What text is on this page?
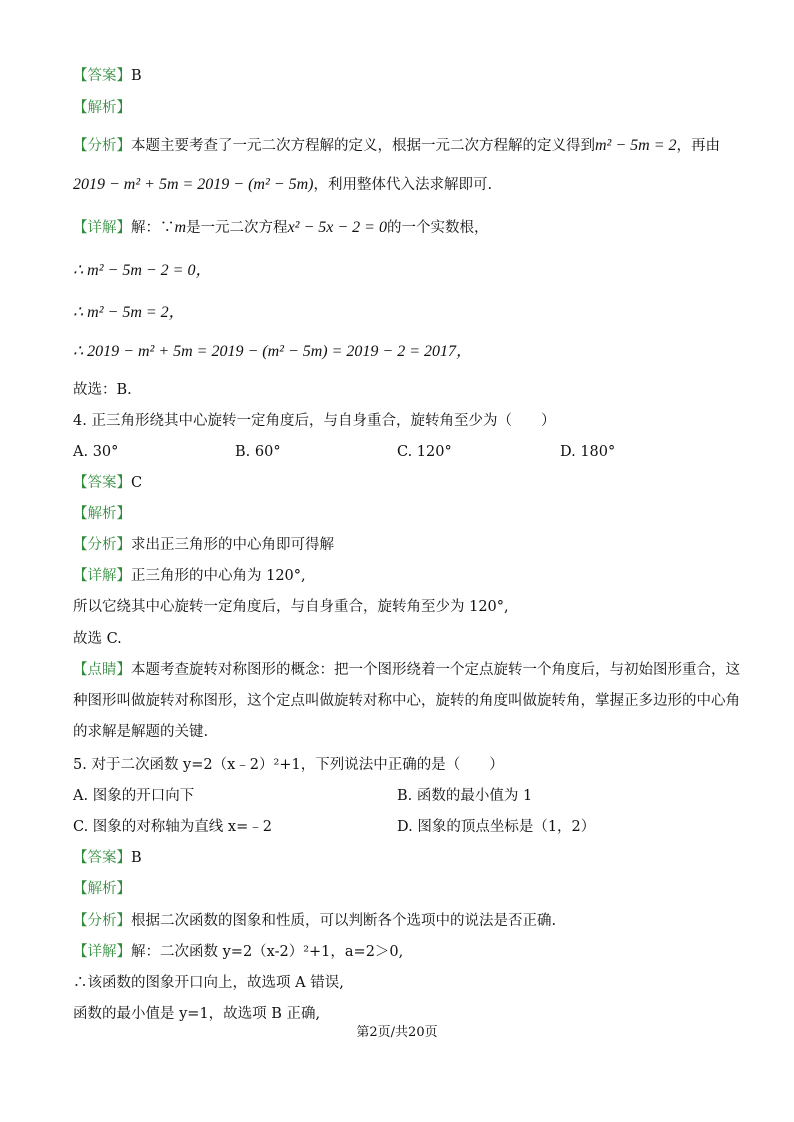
【答案】B
【解析】
【分析】本题主要考查了一元二次方程解的定义，根据一元二次方程解的定义得到m² − 5m = 2，再由
2019 − m² + 5m = 2019 − (m² − 5m)，利用整体代入法求解即可.
【详解】解：∵m是一元二次方程x² − 5x − 2 = 0的一个实数根，
∴ m² − 5m − 2 = 0，
∴ m² − 5m = 2，
∴ 2019 − m² + 5m = 2019 − (m² − 5m) = 2019 − 2 = 2017，
故选：B.
4. 正三角形绕其中心旋转一定角度后，与自身重合，旋转角至少为（　　）
A. 30°	B. 60°	C. 120°	D. 180°
【答案】C
【解析】
【分析】求出正三角形的中心角即可得解
【详解】正三角形的中心角为 120°,
所以它绕其中心旋转一定角度后，与自身重合，旋转角至少为 120°,
故选 C.
【点睛】本题考查旋转对称图形的概念：把一个图形绕着一个定点旋转一个角度后，与初始图形重合，这
种图形叫做旋转对称图形，这个定点叫做旋转对称中心，旋转的角度叫做旋转角，掌握正多边形的中心角
的求解是解题的关键.
5. 对于二次函数 y=2（x﹣2）²+1，下列说法中正确的是（　　）
A. 图象的开口向下	B. 函数的最小值为 1
C. 图象的对称轴为直线 x=﹣2	D. 图象的顶点坐标是（1，2）
【答案】B
【解析】
【分析】根据二次函数的图象和性质，可以判断各个选项中的说法是否正确.
【详解】解：二次函数 y=2（x-2）²+1，a=2＞0,
∴该函数的图象开口向上，故选项 A 错误,
函数的最小值是 y=1，故选项 B 正确,
第2页/共20页
